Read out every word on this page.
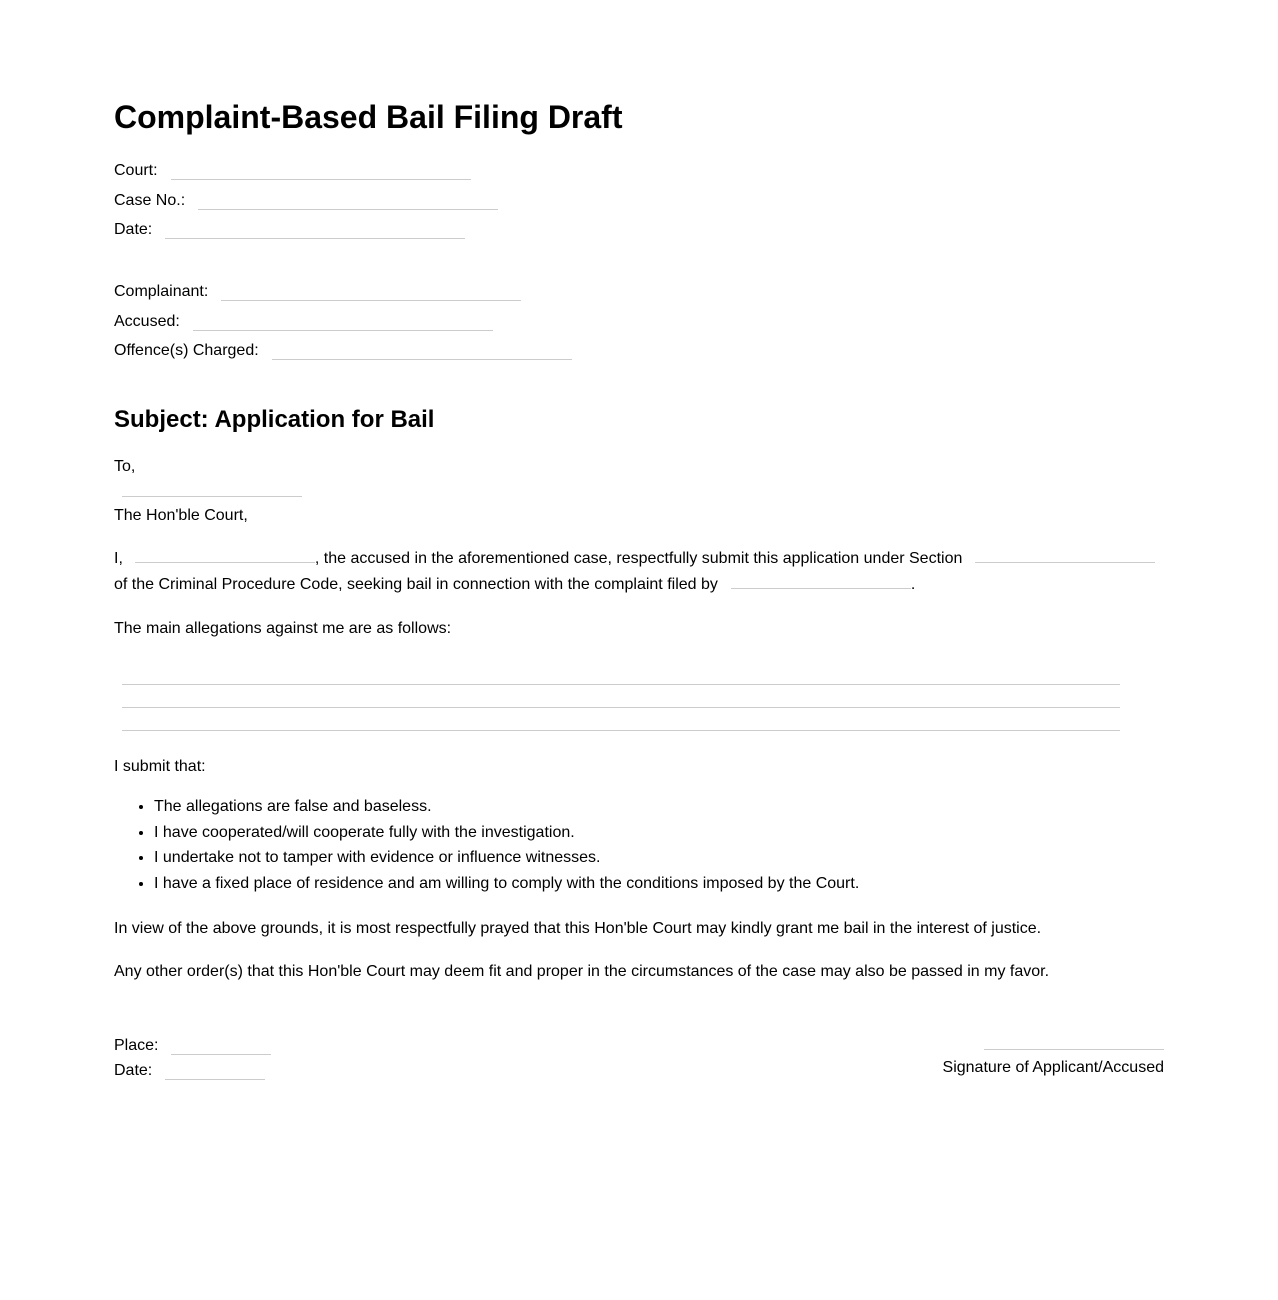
Complaint-Based Bail Filing Draft
Court:
Case No.:
Date:
Complainant:
Accused:
Offence(s) Charged:
Subject: Application for Bail
To,
The Hon'ble Court,
I,	, the accused in the aforementioned case, respectfully submit this application under Section
of the Criminal Procedure Code, seeking bail in connection with the complaint filed by	.
The main allegations against me are as follows:
I submit that:
• The allegations are false and baseless.
• I have cooperated/will cooperate fully with the investigation.
• I undertake not to tamper with evidence or influence witnesses.
• I have a fixed place of residence and am willing to comply with the conditions imposed by the Court.
In view of the above grounds, it is most respectfully prayed that this Hon'ble Court may kindly grant me bail in the interest of justice.
Any other order(s) that this Hon'ble Court may deem fit and proper in the circumstances of the case may also be passed in my favor.
Place:
Date:	Signature of Applicant/Accused
